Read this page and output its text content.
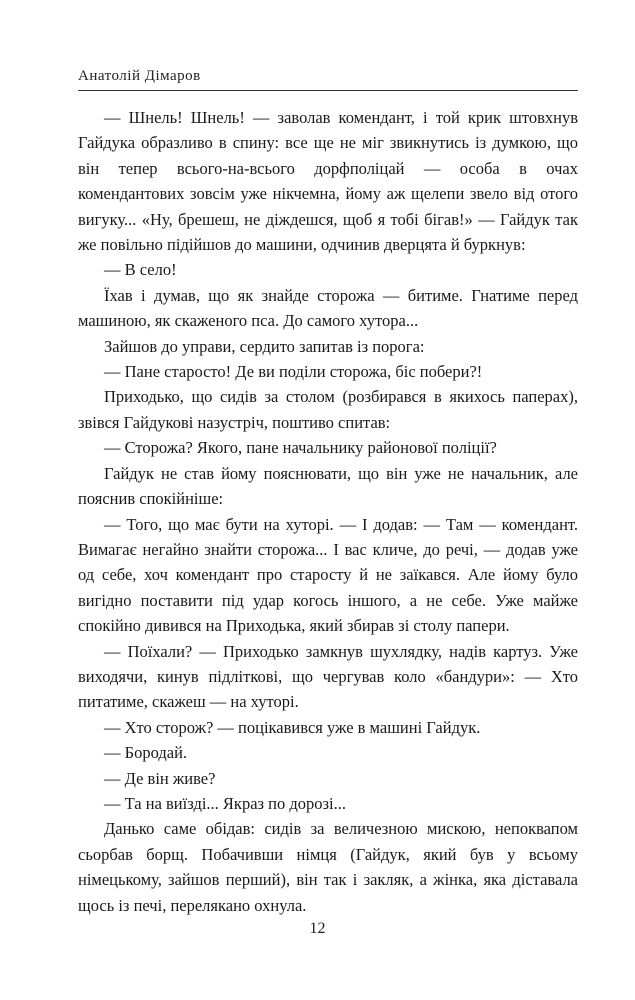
Анатолій Дімаров

— Шнель! Шнель! — заволав комендант, і той крик штовхнув Гайдука образливо в спину: все ще не міг звикнутись із думкою, що він тепер всього-на-всього дорфполіцай — особа в очах комендантових зовсім уже нікчемна, йому аж щелепи звело від отого вигуку... «Ну, брешеш, не діждешся, щоб я тобі бігав!» — Гайдук так же повільно підійшов до машини, одчинив дверцята й буркнув:

— В село!

Їхав і думав, що як знайде сторожа — битиме. Гнатиме перед машиною, як скаженого пса. До самого хутора...

Зайшов до управи, сердито запитав із порога:

— Пане старосто! Де ви поділи сторожа, біс побери?!

Приходько, що сидів за столом (розбирався в якихось паперах), звівся Гайдукові назустріч, поштиво спитав:

— Сторожа? Якого, пане начальнику районової поліції?

Гайдук не став йому пояснювати, що він уже не начальник, але пояснив спокійніше:

— Того, що має бути на хуторі. — І додав: — Там — комендант. Вимагає негайно знайти сторожа... І вас кличе, до речі, — додав уже од себе, хоч комендант про старосту й не заїкався. Але йому було вигідно поставити під удар когось іншого, а не себе. Уже майже спокійно дивився на Приходька, який збирав зі столу папери.

— Поїхали? — Приходько замкнув шухлядку, надів картуз. Уже виходячи, кинув підліткові, що чергував коло «бандури»: — Хто питатиме, скажеш — на хуторі.

— Хто сторож? — поцікавився уже в машині Гайдук.

— Бородай.

— Де він живе?

— Та на виїзді... Якраз по дорозі...

Данько саме обідав: сидів за величезною мискою, непоквапом сьорбав борщ. Побачивши німця (Гайдук, який був у всьому німецькому, зайшов перший), він так і закляк, а жінка, яка діставала щось із печі, перелякано охнула.

12
